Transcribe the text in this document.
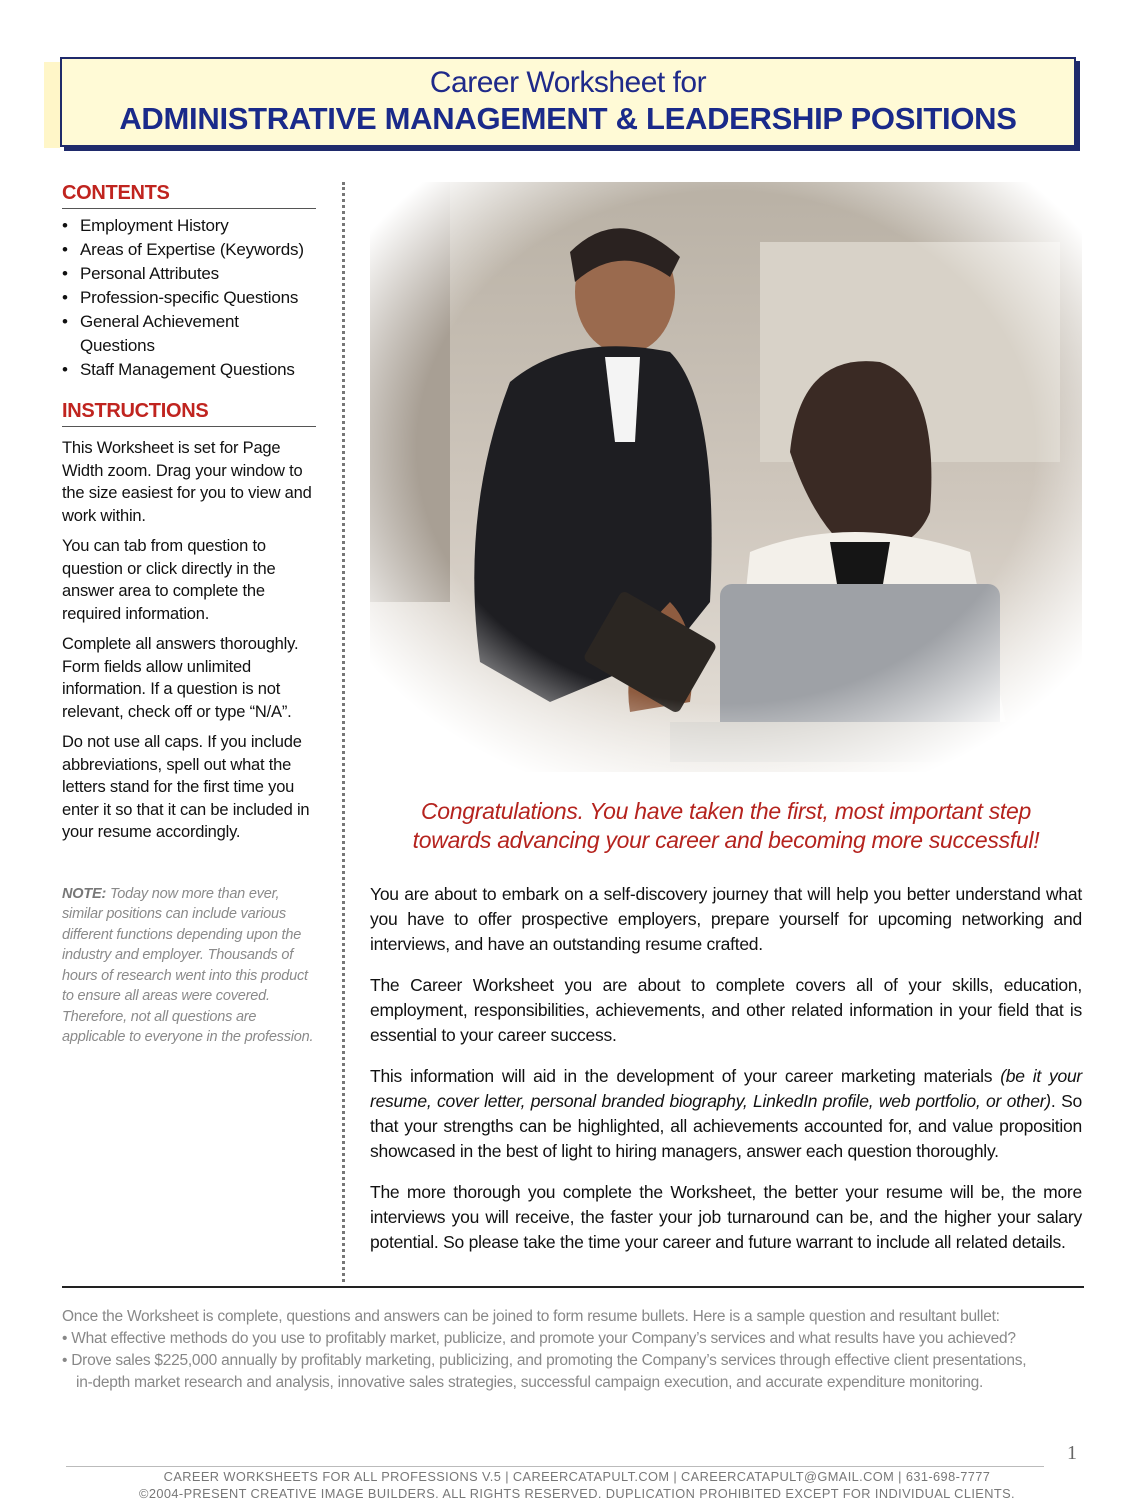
Career Worksheet for
ADMINISTRATIVE MANAGEMENT & LEADERSHIP POSITIONS
CONTENTS
• Employment History
• Areas of Expertise (Keywords)
• Personal Attributes
• Profession-specific Questions
• General Achievement Questions
• Staff Management Questions
INSTRUCTIONS

This Worksheet is set for Page Width zoom. Drag your window to the size easiest for you to view and work within.

You can tab from question to question or click directly in the answer area to complete the required information.

Complete all answers thoroughly. Form fields allow unlimited information. If a question is not relevant, check off or type “N/A”.

Do not use all caps. If you include abbreviations, spell out what the letters stand for the first time you enter it so that it can be included in your resume accordingly.

NOTE: Today now more than ever, similar positions can include various different functions depending upon the industry and employer. Thousands of hours of research went into this product to ensure all areas were covered. Therefore, not all questions are applicable to everyone in the profession.
Congratulations. You have taken the first, most important step
towards advancing your career and becoming more successful!

You are about to embark on a self-discovery journey that will help you better understand what you have to offer prospective employers, prepare yourself for upcoming networking and interviews, and have an outstanding resume crafted.

The Career Worksheet you are about to complete covers all of your skills, education, employment, responsibilities, achievements, and other related information in your field that is essential to your career success.

This information will aid in the development of your career marketing materials (be it your resume, cover letter, personal branded biography, LinkedIn profile, web portfolio, or other). So that your strengths can be highlighted, all achievements accounted for, and value proposition showcased in the best of light to hiring managers, answer each question thoroughly.

The more thorough you complete the Worksheet, the better your resume will be, the more interviews you will receive, the faster your job turnaround can be, and the higher your salary potential. So please take the time your career and future warrant to include all related details.

Once the Worksheet is complete, questions and answers can be joined to form resume bullets. Here is a sample question and resultant bullet:
• What effective methods do you use to profitably market, publicize, and promote your Company’s services and what results have you achieved?
• Drove sales $225,000 annually by profitably marketing, publicizing, and promoting the Company’s services through effective client presentations,
in-depth market research and analysis, innovative sales strategies, successful campaign execution, and accurate expenditure monitoring.
1
CAREER WORKSHEETS FOR ALL PROFESSIONS V.5 | CAREERCATAPULT.COM | CAREERCATAPULT@GMAIL.COM | 631-698-7777
©2004-PRESENT CREATIVE IMAGE BUILDERS. ALL RIGHTS RESERVED. DUPLICATION PROHIBITED EXCEPT FOR INDIVIDUAL CLIENTS.
